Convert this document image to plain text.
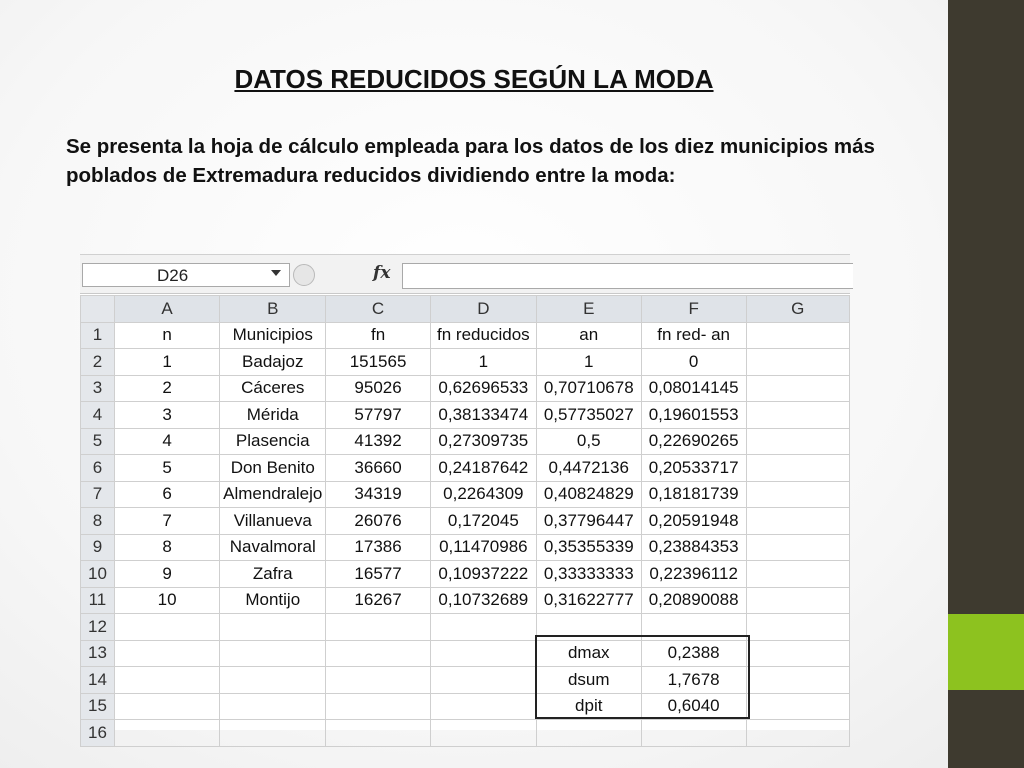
DATOS REDUCIDOS SEGÚN LA MODA
Se presenta la hoja de cálculo empleada para los datos de los diez municipios más poblados de Extremadura reducidos dividiendo entre la moda:
D26	fx
	A	B	C	D	E	F	G
1	n	Municipios	fn	fn reducidos	an	fn red- an	
2	1	Badajoz	151565	1	1	0	
3	2	Cáceres	95026	0,62696533	0,70710678	0,08014145	
4	3	Mérida	57797	0,38133474	0,57735027	0,19601553	
5	4	Plasencia	41392	0,27309735	0,5	0,22690265	
6	5	Don Benito	36660	0,24187642	0,4472136	0,20533717	
7	6	Almendralejo	34319	0,2264309	0,40824829	0,18181739	
8	7	Villanueva	26076	0,172045	0,37796447	0,20591948	
9	8	Navalmoral	17386	0,11470986	0,35355339	0,23884353	
10	9	Zafra	16577	0,10937222	0,33333333	0,22396112	
11	10	Montijo	16267	0,10732689	0,31622777	0,20890088	
12							
13					dmax	0,2388	
14					dsum	1,7678	
15					dpit	0,6040	
16							
